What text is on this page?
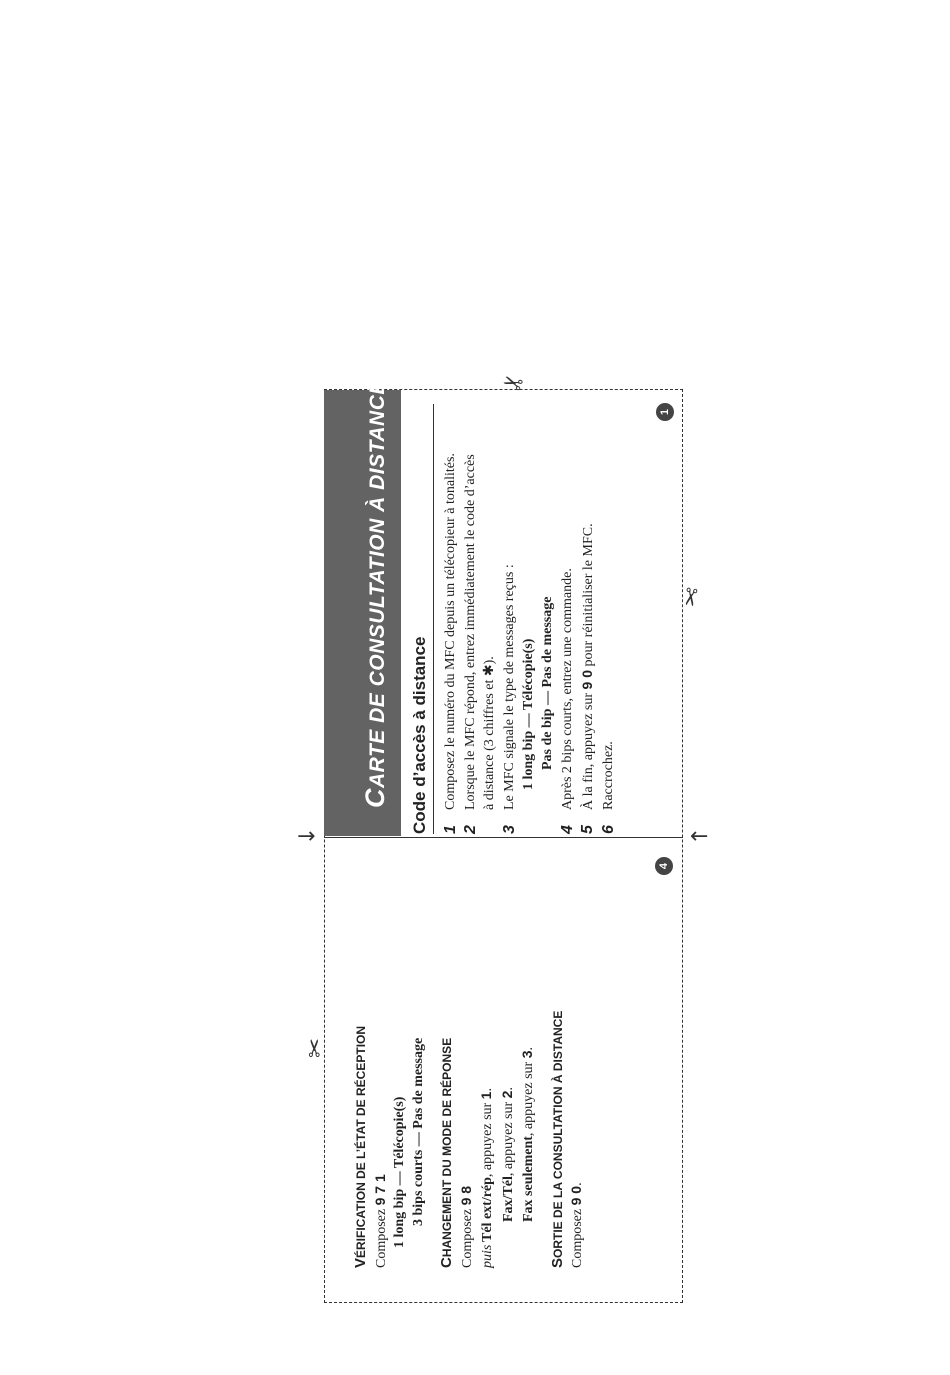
→	←
✂
✂
✂
CARTE DE CONSULTATION À DISTANCE Code d’accès à distance 1
Composez le numéro du MFC depuis un télécopieur à tonalités.
2
Lorsque le MFC répond, entrez immédiatement le code d’accès à distance (3 chiffres et ✱).
3
Le MFC signale le type de messages reçus : 1 long bip — Télécopie(s) Pas de bip — Pas de message
4
Après 2 bips courts, entrez une commande.
5
À la fin, appuyez sur 9 0 pour réinitialiser le MFC.
6
Raccrochez.
VÉRIFICATION DE L’ÉTAT DE RÉCEPTION Composez 9 7 1 1 long bip — Télécopie(s) 3 bips courts — Pas de message
CHANGEMENT DU MODE DE RÉPONSE Composez 9 8
puisTél ext/rép, appuyez sur 1.
Fax/Tél, appuyez sur 2.
Fax seulement, appuyez sur 3.
SORTIE DE LA CONSULTATION À DISTANCE Composez 9 0.
1
4
